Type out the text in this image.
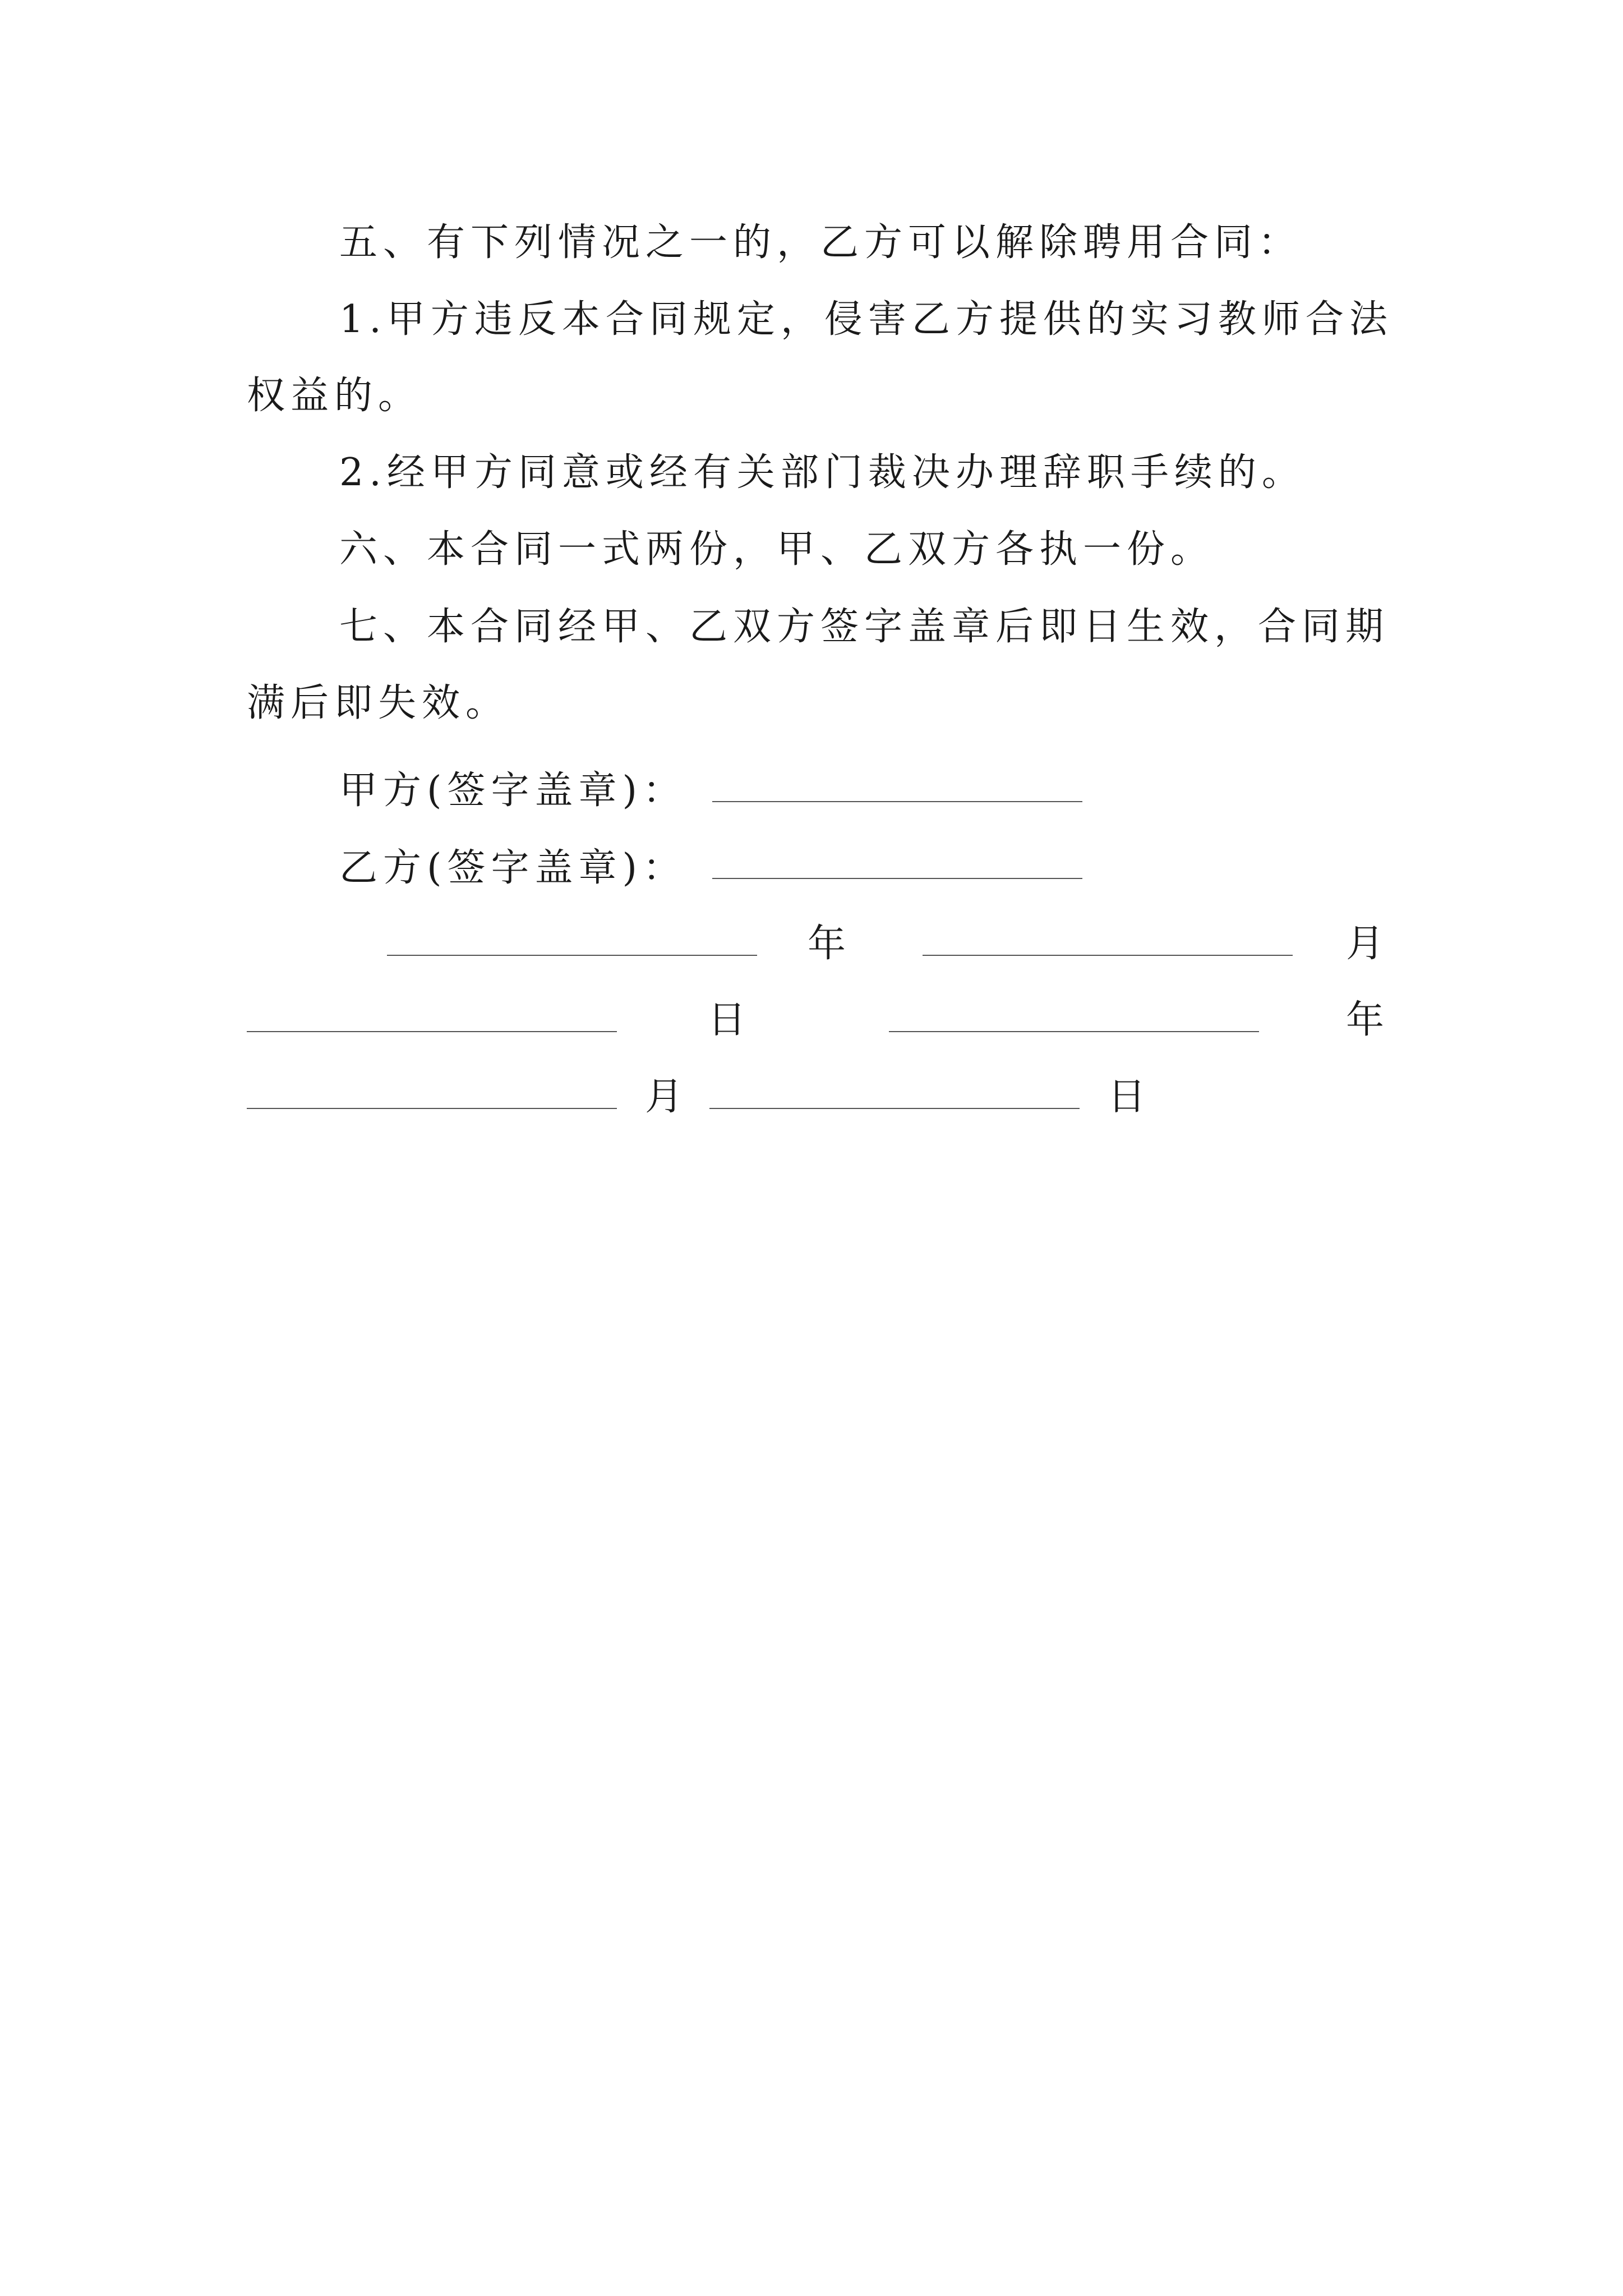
五、有下列情况之一的，乙方可以解除聘用合同：
1.甲方违反本合同规定，侵害乙方提供的实习教师合法
权益的。
2.经甲方同意或经有关部门裁决办理辞职手续的。
六、本合同一式两份，甲、乙双方各执一份。
七、本合同经甲、乙双方签字盖章后即日生效，合同期
满后即失效。
甲方(签字盖章)：
乙方(签字盖章)：
年	月
日	年
月	日
